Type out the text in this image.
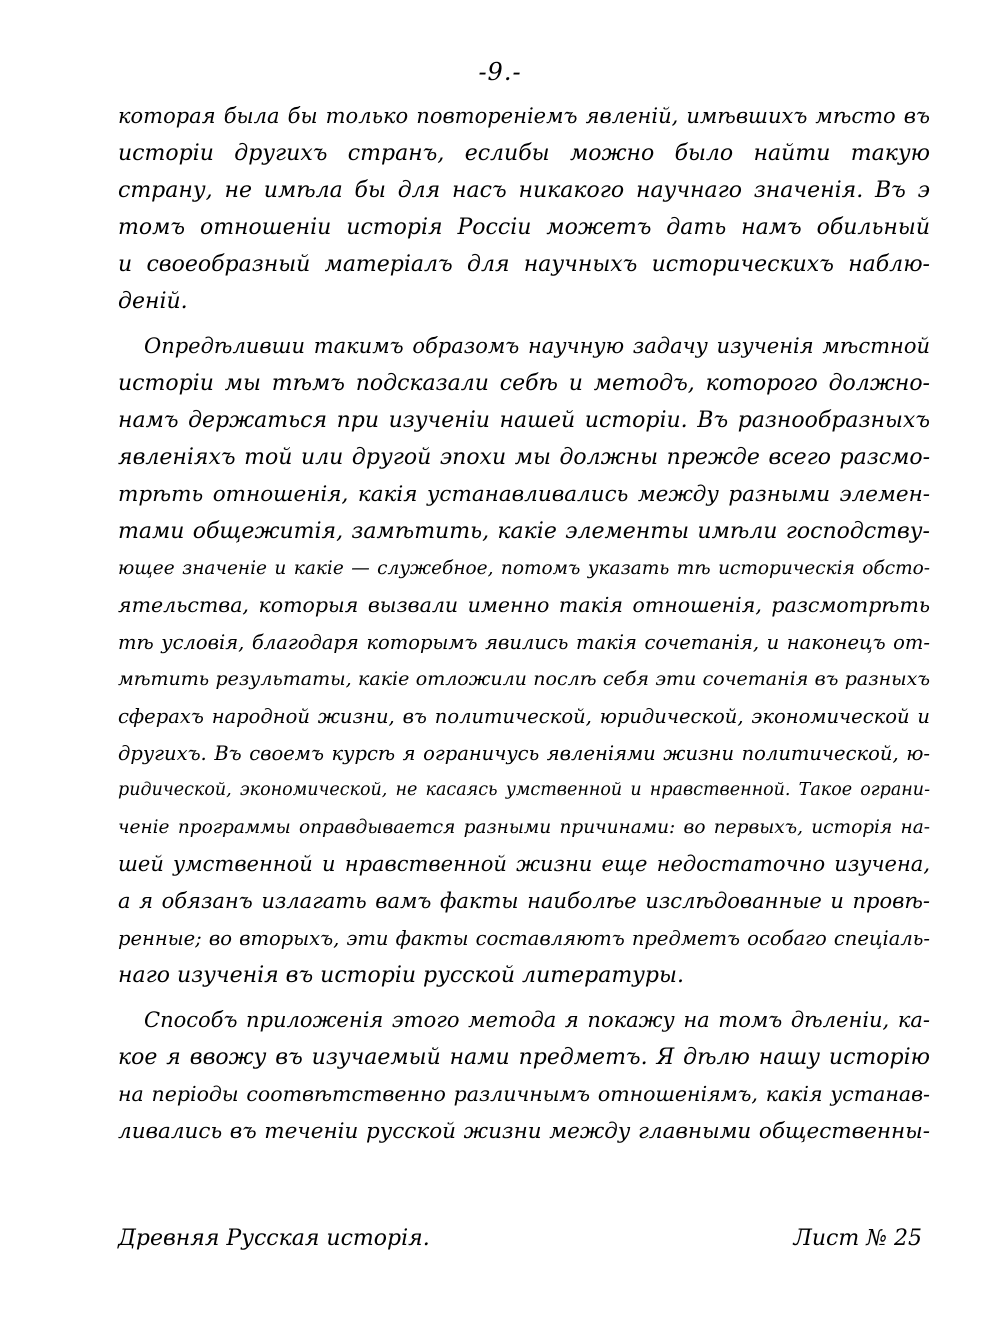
-9.-
которая была бы только повтореніемъ явленій, имѣвшихъ мѣсто въ
исторіи другихъ странъ, еслибы можно было найти такую
страну, не имѣла бы для насъ никакого научнаго значенія. Въ э
томъ отношеніи исторія Россіи можетъ дать намъ обильный
и своеобразный матеріалъ для научныхъ историческихъ наблю-
деній.
Опредѣливши такимъ образомъ научную задачу изученія мѣстной
исторіи мы тѣмъ подсказали себѣ и методъ, которого должно-
намъ держаться при изученіи нашей исторіи. Въ разнообразныхъ
явленіяхъ той или другой эпохи мы должны прежде всего разсмо-
трѣть отношенія, какія устанавливались между разными элемен-
тами общежитія, замѣтить, какіе элементы имѣли господству-
ющее значеніе и какіе — служебное, потомъ указать тѣ историческія обсто-
ятельства, которыя вызвали именно такія отношенія, разсмотрѣть
тѣ условія, благодаря которымъ явились такія сочетанія, и наконецъ от-
мѣтить результаты, какіе отложили послѣ себя эти сочетанія въ разныхъ
сферахъ народной жизни, въ политической, юридической, экономической и
другихъ. Въ своемъ курсѣ я ограничусь явленіями жизни политической, ю-
ридической, экономической, не касаясь умственной и нравственной. Такое ограни-
ченіе программы оправдывается разными причинами: во первыхъ, исторія на-
шей умственной и нравственной жизни еще недостаточно изучена,
а я обязанъ излагать вамъ факты наиболѣе изслѣдованные и провѣ-
ренные; во вторыхъ, эти факты составляютъ предметъ особаго спеціаль-
наго изученія въ исторіи русской литературы.
Способъ приложенія этого метода я покажу на томъ дѣленіи, ка-
кое я ввожу въ изучаемый нами предметъ. Я дѣлю нашу исторію
на періоды соотвѣтственно различнымъ отношеніямъ, какія устанав-
ливались въ теченіи русской жизни между главными общественны-
Древняя Русская исторія.	Лист № 25
